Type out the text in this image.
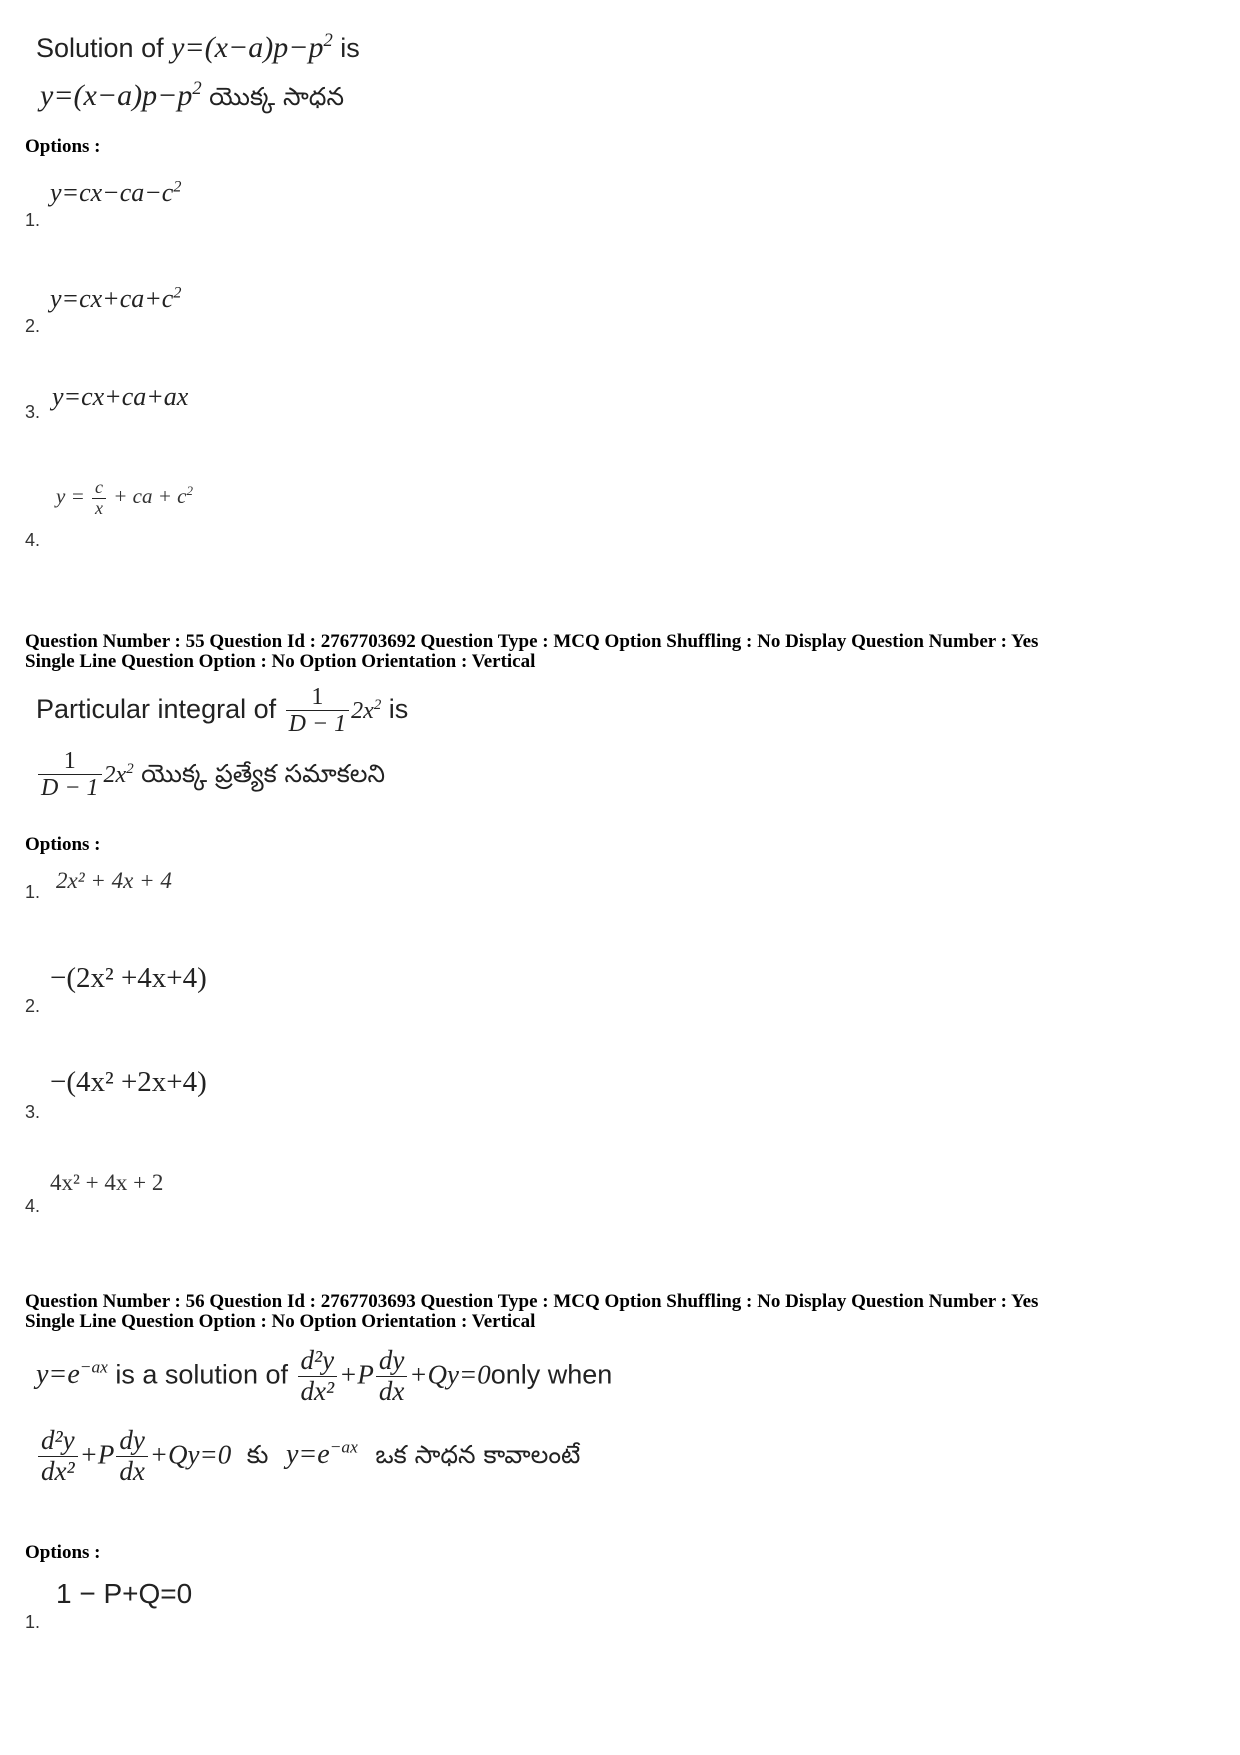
Solution of $y=(x-a)p-p^2$ is
$y=(x-a)p-p^2$ యొక్క సాధన
Options :
1.
$y=cx-ca-c^2$
2.
$y=cx+ca+c^2$
3.
y=cx+ca+ax
4.
$y = \frac{c}{x}$ + ca + $c^2$
Question Number : 55 Question Id : 2767703692 Question Type : MCQ Option Shuffling : No Display Question Number : Yes
Single Line Question Option : No Option Orientation : Vertical
Particular integral of $\frac{1}{D - 1} 2x^2$ is
$\frac{1}{D - 1} 2x^2$ యొక్క ప్రత్యేక సమాకలని
Options :
1. 2x² + 4x + 4
2.
−(2x² +4x+4)
3.
−(4x² +2x+4)
4.
4x² + 4x + 2
Question Number : 56 Question Id : 2767703693 Question Type : MCQ Option Shuffling : No Display Question Number : Yes
Single Line Question Option : No Option Orientation : Vertical
$y=e^{-ax}$ is a solution of $\frac{\text{d²y}}{\text{dx²}} +P \frac{dy}{dx}$ +Qy=0only when
$\frac{\text{d²y}}{\text{dx²}} +P \frac{dy}{dx} +Qy=0$ కు $y=e^{-ax}$ ఒక సాధన కావాలంటే
Options :
1.
1 − P+Q=0
